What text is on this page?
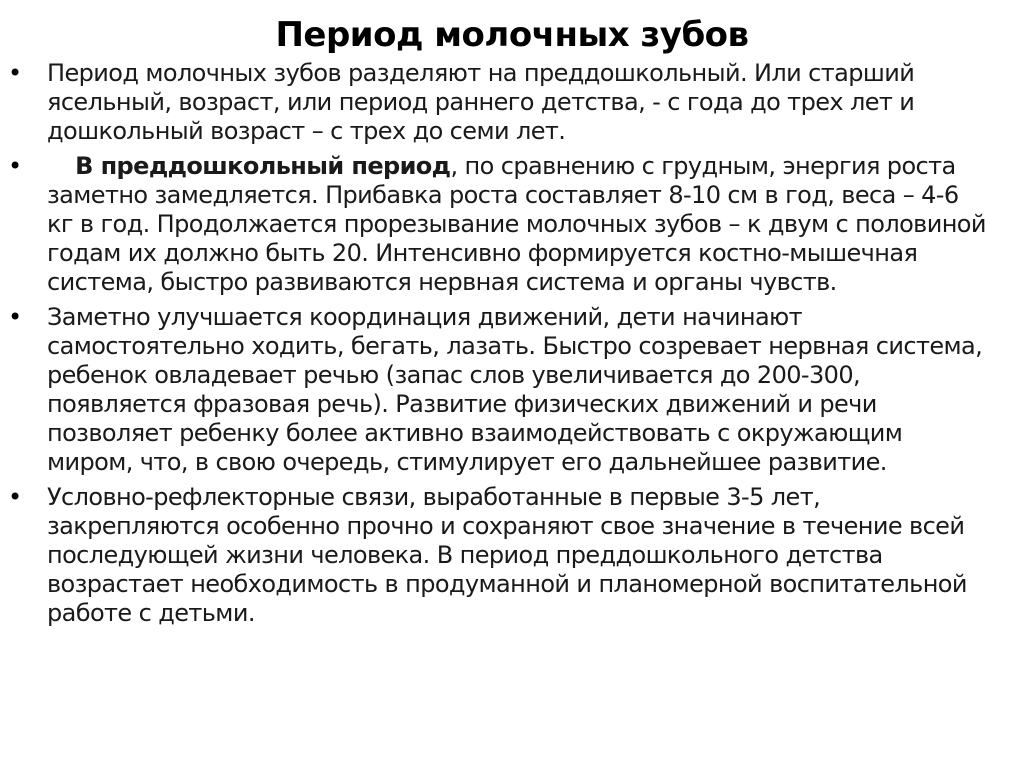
Период молочных зубов
• Период молочных зубов разделяют на преддошкольный. Или старший ясельный, возраст, или период раннего детства, - с года до трех лет и дошкольный возраст – с трех до семи лет.
•	В преддошкольный период, по сравнению с грудным, энергия роста заметно замедляется. Прибавка роста составляет 8-10 см в год, веса – 4-6 кг в год. Продолжается прорезывание молочных зубов – к двум с половиной годам их должно быть 20. Интенсивно формируется костно-мышечная система, быстро развиваются нервная система и органы чувств.
• Заметно улучшается координация движений, дети начинают самостоятельно ходить, бегать, лазать. Быстро созревает нервная система, ребенок овладевает речью (запас слов увеличивается до 200-300, появляется фразовая речь). Развитие физических движений и речи позволяет ребенку более активно взаимодействовать с окружающим миром, что, в свою очередь, стимулирует его дальнейшее развитие.
• Условно-рефлекторные связи, выработанные в первые 3-5 лет, закрепляются особенно прочно и сохраняют свое значение в течение всей последующей жизни человека. В период преддошкольного детства возрастает необходимость в продуманной и планомерной воспитательной работе с детьми.
